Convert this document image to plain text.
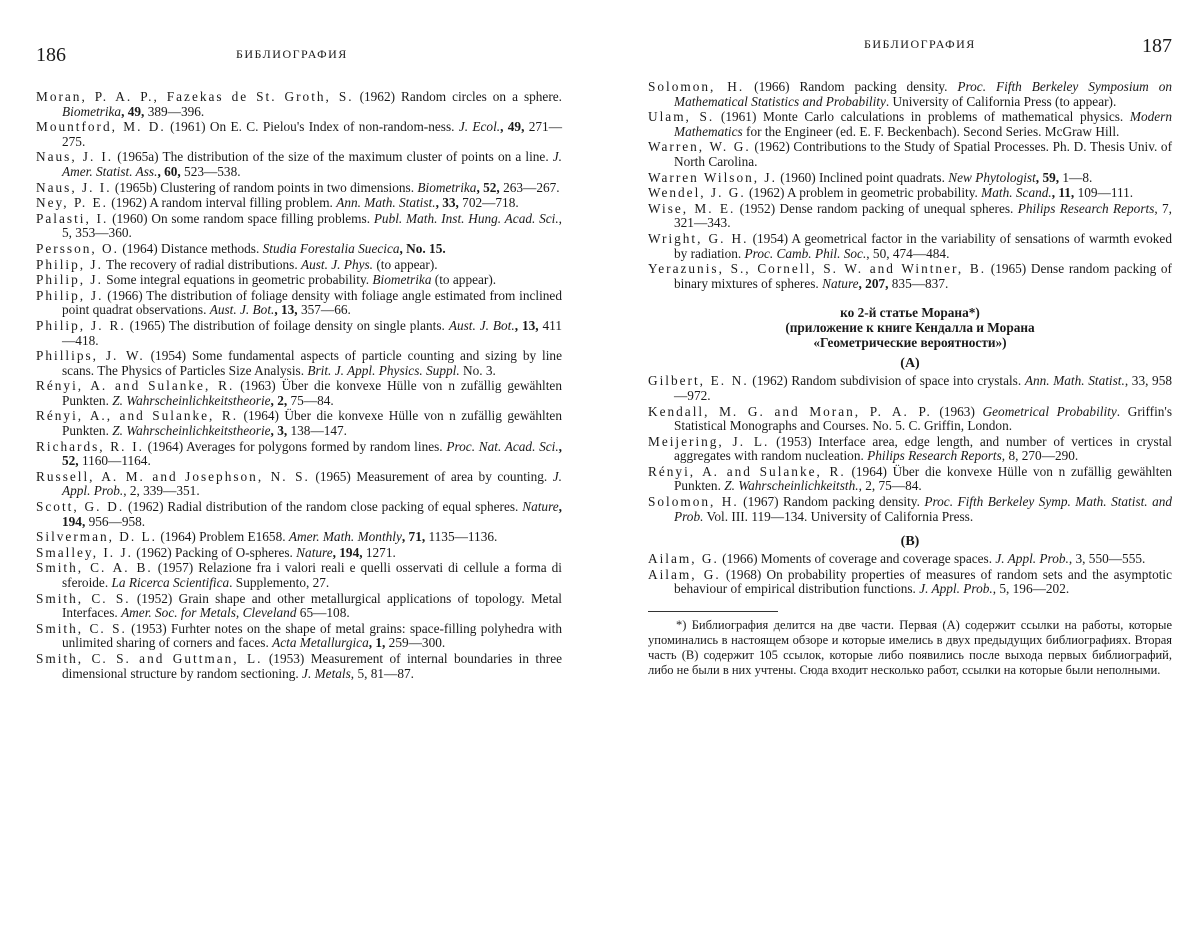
186	БИБЛИОГРАФИЯ
Moran, P. A. P., Fazekas de St. Groth, S. (1962) Random circles on a sphere. Biometrika, 49, 389—396.
Mountford, M. D. (1961) On E. C. Pielou's Index of non-random-ness. J. Ecol., 49, 271—275.
Naus, J. I. (1965a) The distribution of the size of the maximum cluster of points on a line. J. Amer. Statist. Ass., 60, 523—538.
Naus, J. I. (1965b) Clustering of random points in two dimensions. Biometrika, 52, 263—267.
Ney, P. E. (1962) A random interval filling problem. Ann. Math. Statist., 33, 702—718.
Palasti, I. (1960) On some random space filling problems. Publ. Math. Inst. Hung. Acad. Sci., 5, 353—360.
Persson, O. (1964) Distance methods. Studia Forestalia Suecica, No. 15.
Philip, J. The recovery of radial distributions. Aust. J. Phys. (to appear).
Philip, J. Some integral equations in geometric probability. Biometrika (to appear).
Philip, J. (1966) The distribution of foliage density with foliage angle estimated from inclined point quadrat observations. Aust. J. Bot., 13, 357—66.
Philip, J. R. (1965) The distribution of foilage density on single plants. Aust. J. Bot., 13, 411—418.
Phillips, J. W. (1954) Some fundamental aspects of particle counting and sizing by line scans. The Physics of Particles Size Analysis. Brit. J. Appl. Physics. Suppl. No. 3.
Rényi, A. and Sulanke, R. (1963) Über die konvexe Hülle von n zufällig gewählten Punkten. Z. Wahrscheinlichkeitstheorie, 2, 75—84.
Rényi, A., and Sulanke, R. (1964) Über die konvexe Hülle von n zufällig gewählten Punkten. Z. Wahrscheinlichkeitstheorie, 3, 138—147.
Richards, R. I. (1964) Averages for polygons formed by random lines. Proc. Nat. Acad. Sci., 52, 1160—1164.
Russell, A. M. and Josephson, N. S. (1965) Measurement of area by counting. J. Appl. Prob., 2, 339—351.
Scott, G. D. (1962) Radial distribution of the random close packing of equal spheres. Nature, 194, 956—958.
Silverman, D. L. (1964) Problem E1658. Amer. Math. Monthly, 71, 1135—1136.
Smalley, I. J. (1962) Packing of O-spheres. Nature, 194, 1271.
Smith, C. A. B. (1957) Relazione fra i valori reali e quelli osservati di cellule a forma di sferoide. La Ricerca Scientifica. Supplemento, 27.
Smith, C. S. (1952) Grain shape and other metallurgical applications of topology. Metal Interfaces. Amer. Soc. for Metals, Cleveland 65—108.
Smith, C. S. (1953) Furhter notes on the shape of metal grains: space-filling polyhedra with unlimited sharing of corners and faces. Acta Metallurgica, 1, 259—300.
Smith, C. S. and Guttman, L. (1953) Measurement of internal boundaries in three dimensional structure by random sectioning. J. Metals, 5, 81—87.
БИБЛИОГРАФИЯ	187
Solomon, H. (1966) Random packing density. Proc. Fifth Berkeley Symposium on Mathematical Statistics and Probability. University of California Press (to appear).
Ulam, S. (1961) Monte Carlo calculations in problems of mathematical physics. Modern Mathematics for the Engineer (ed. E. F. Beckenbach). Second Series. McGraw Hill.
Warren, W. G. (1962) Contributions to the Study of Spatial Processes. Ph. D. Thesis Univ. of North Carolina.
Warren Wilson, J. (1960) Inclined point quadrats. New Phytologist, 59, 1—8.
Wendel, J. G. (1962) A problem in geometric probability. Math. Scand., 11, 109—111.
Wise, M. E. (1952) Dense random packing of unequal spheres. Philips Research Reports, 7, 321—343.
Wright, G. H. (1954) A geometrical factor in the variability of sensations of warmth evoked by radiation. Proc. Camb. Phil. Soc., 50, 474—484.
Yerazunis, S., Cornell, S. W. and Wintner, B. (1965) Dense random packing of binary mixtures of spheres. Nature, 207, 835—837.
ко 2-й статье Морана*)
(приложение к книге Кендалла и Морана
«Геометрические вероятности»)
(A)
Gilbert, E. N. (1962) Random subdivision of space into crystals. Ann. Math. Statist., 33, 958—972.
Kendall, M. G. and Moran, P. A. P. (1963) Geometrical Probability. Griffin's Statistical Monographs and Courses. No. 5. C. Griffin, London.
Meijering, J. L. (1953) Interface area, edge length, and number of vertices in crystal aggregates with random nucleation. Philips Research Reports, 8, 270—290.
Rényi, A. and Sulanke, R. (1964) Über die konvexe Hülle von n zufällig gewählten Punkten. Z. Wahrscheinlichkeitsth., 2, 75—84.
Solomon, H. (1967) Random packing density. Proc. Fifth Berkeley Symp. Math. Statist. and Prob. Vol. III. 119—134. University of California Press.
(B)
Ailam, G. (1966) Moments of coverage and coverage spaces. J. Appl. Prob., 3, 550—555.
Ailam, G. (1968) On probability properties of measures of random sets and the asymptotic behaviour of empirical distribution functions. J. Appl. Prob., 5, 196—202.
*) Библиография делится на две части. Первая (A) содержит ссылки на работы, которые упоминались в настоящем обзоре и которые имелись в двух предыдущих библиографиях. Вторая часть (B) содержит 105 ссылок, которые либо появились после выхода первых библиографий, либо не были в них учтены. Сюда входит несколько работ, ссылки на которые были неполными.
